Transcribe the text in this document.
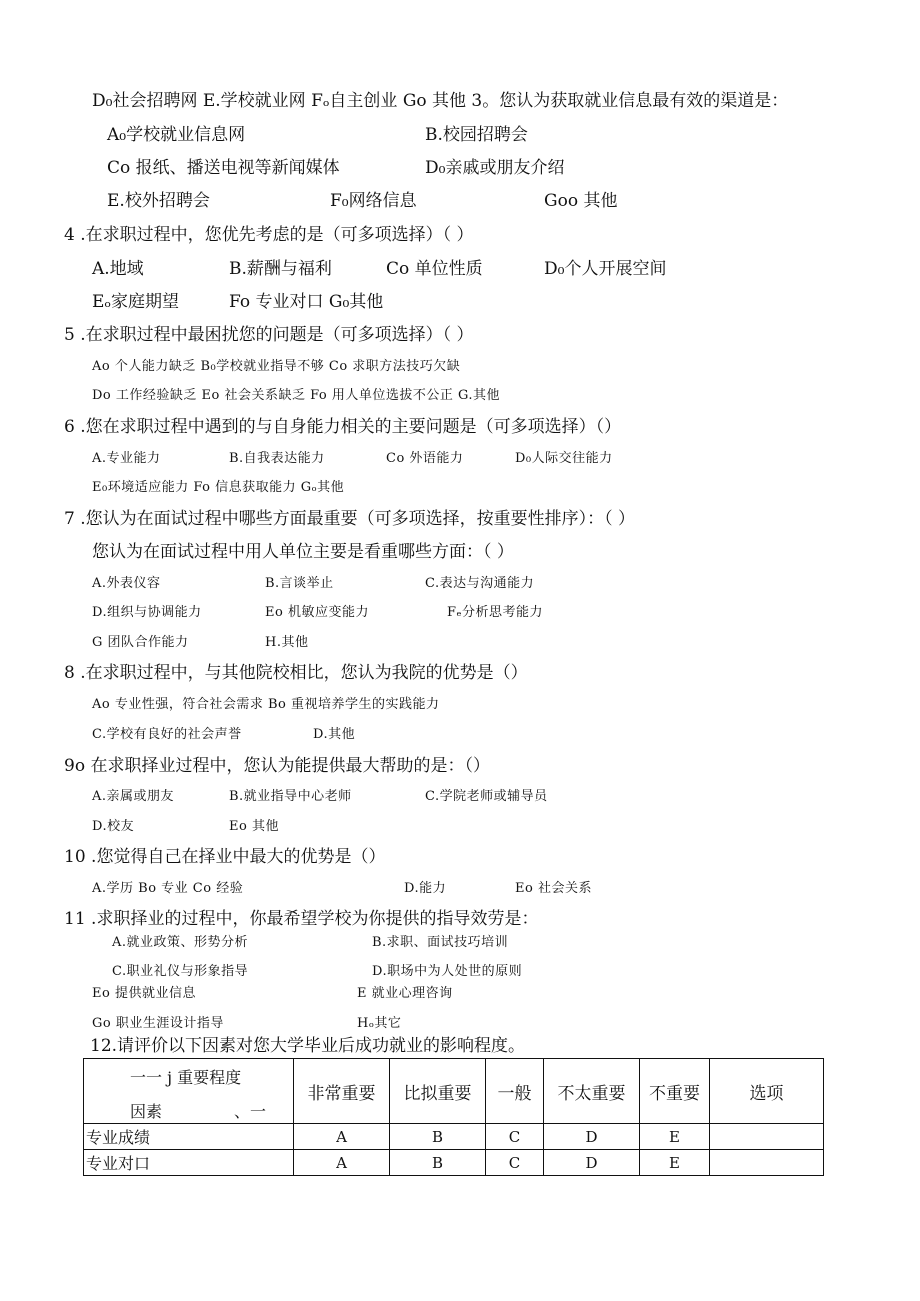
D₀社会招聘网 E.学校就业网 Fₒ自主创业 Go 其他 3。您认为获取就业信息最有效的渠道是：
A₀学校就业信息网	B.校园招聘会
Co 报纸、播送电视等新闻媒体	D₀亲戚或朋友介绍
E.校外招聘会	F₀网络信息	Goo 其他
4 .在求职过程中，您优先考虑的是（可多项选择）（ ）
A.地域	B.薪酬与福利	Co 单位性质	D₀个人开展空间
Eₒ家庭期望	Fo 专业对口 G₀其他
5 .在求职过程中最困扰您的问题是（可多项选择）（ ）
Ao 个人能力缺乏 B₀学校就业指导不够 Co 求职方法技巧欠缺
Do 工作经验缺乏 Eo 社会关系缺乏 Fo 用人单位选拔不公正 G.其他
6 .您在求职过程中遇到的与自身能力相关的主要问题是（可多项选择）（）
A.专业能力	B.自我表达能力	Co 外语能力	D₀人际交往能力
E₀环境适应能力 Fo 信息获取能力 Gₒ其他
7 .您认为在面试过程中哪些方面最重要（可多项选择，按重要性排序）：（ ）
您认为在面试过程中用人单位主要是看重哪些方面：（ ）
A.外表仪容	B.言谈举止	C.表达与沟通能力
D.组织与协调能力	Eo 机敏应变能力	Fₑ分析思考能力
G 团队合作能力	H.其他
8 .在求职过程中，与其他院校相比，您认为我院的优势是（）
Ao 专业性强，符合社会需求 Bo 重视培养学生的实践能力
C.学校有良好的社会声誉	D.其他
9o 在求职择业过程中，您认为能提供最大帮助的是：（）
A.亲属或朋友	B.就业指导中心老师	C.学院老师或辅导员
D.校友	Eo 其他
10 .您觉得自己在择业中最大的优势是（）
A.学历 Bo 专业 Co 经验	D.能力	Eo 社会关系
11 .求职择业的过程中，你最希望学校为你提供的指导效劳是：
A.就业政策、形势分析	B.求职、面试技巧培训
C.职业礼仪与形象指导	D.职场中为人处世的原则
Eo 提供就业信息	E 就业心理咨询
Go 职业生涯设计指导	Hₒ其它
12.请评价以下因素对您大学毕业后成功就业的影响程度。
一一 j 重要程度
因素 、一	非常重要	比拟重要	一般	不太重要	不重要	选项
专业成绩	A	B	C	D	E	
专业对口	A	B	C	D	E	
